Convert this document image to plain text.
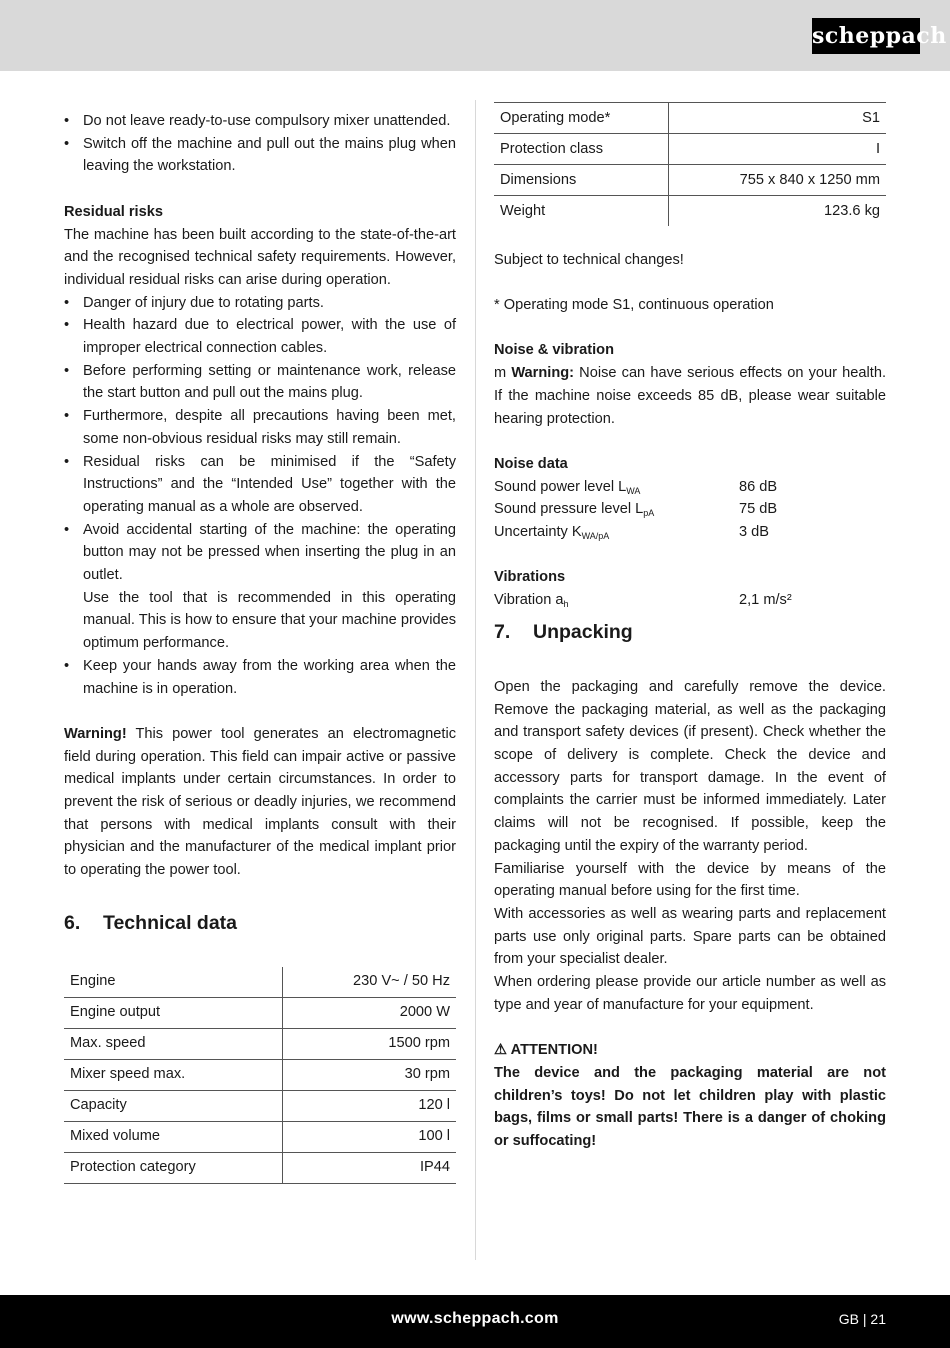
scheppach
• Do not leave ready-to-use compulsory mixer unattended.
• Switch off the machine and pull out the mains plug when leaving the workstation.
Residual risks

The machine has been built according to the state-of-the-art and the recognised technical safety requirements. However, individual residual risks can arise during operation.

• Danger of injury due to rotating parts.
• Health hazard due to electrical power, with the use of improper electrical connection cables.
• Before performing setting or maintenance work, release the start button and pull out the mains plug.
• Furthermore, despite all precautions having been met, some non-obvious residual risks may still remain.
• Residual risks can be minimised if the “Safety Instructions” and the “Intended Use” together with the operating manual as a whole are observed.
• Avoid accidental starting of the machine: the operating button may not be pressed when inserting the plug in an outlet.
Use the tool that is recommended in this operating manual. This is how to ensure that your machine provides optimum performance.
• Keep your hands away from the working area when the machine is in operation.

Warning! This power tool generates an electromagnetic field during operation. This field can impair active or passive medical implants under certain circumstances. In order to prevent the risk of serious or deadly injuries, we recommend that persons with medical implants consult with their physician and the manufacturer of the medical implant prior to operating the power tool.

6. Technical data
Engine	230 V~ / 50 Hz
Engine output	2000 W
Max. speed	1500 rpm
Mixer speed max.	30 rpm
Capacity	120 l
Mixed volume	100 l
Protection category	IP44
Operating mode*	S1
Protection class	I
Dimensions	755 x 840 x 1250 mm
Weight	123.6 kg

Subject to technical changes!

* Operating mode S1, continuous operation

Noise & vibration

m Warning: Noise can have serious effects on your health. If the machine noise exceeds 85 dB, please wear suitable hearing protection.

Noise data
Sound power level $L_{WA}$	86 dB
Sound pressure level $L_{pA}$	75 dB
Uncertainty $K_{WA/pA}$	3 dB
Vibrations
Vibration $a_h$	2,1 m/s²
7. Unpacking

Open the packaging and carefully remove the device. Remove the packaging material, as well as the packaging and transport safety devices (if present). Check whether the scope of delivery is complete. Check the device and accessory parts for transport damage. In the event of complaints the carrier must be informed immediately. Later claims will not be recognised. If possible, keep the packaging until the expiry of the warranty period.

Familiarise yourself with the device by means of the operating manual before using for the first time.

With accessories as well as wearing parts and replacement parts use only original parts. Spare parts can be obtained from your specialist dealer.

When ordering please provide our article number as well as type and year of manufacture for your equipment.

⚠ ATTENTION!

The device and the packaging material are not children’s toys! Do not let children play with plastic bags, films or small parts! There is a danger of choking or suffocating!

www.scheppach.com	GB | 21
